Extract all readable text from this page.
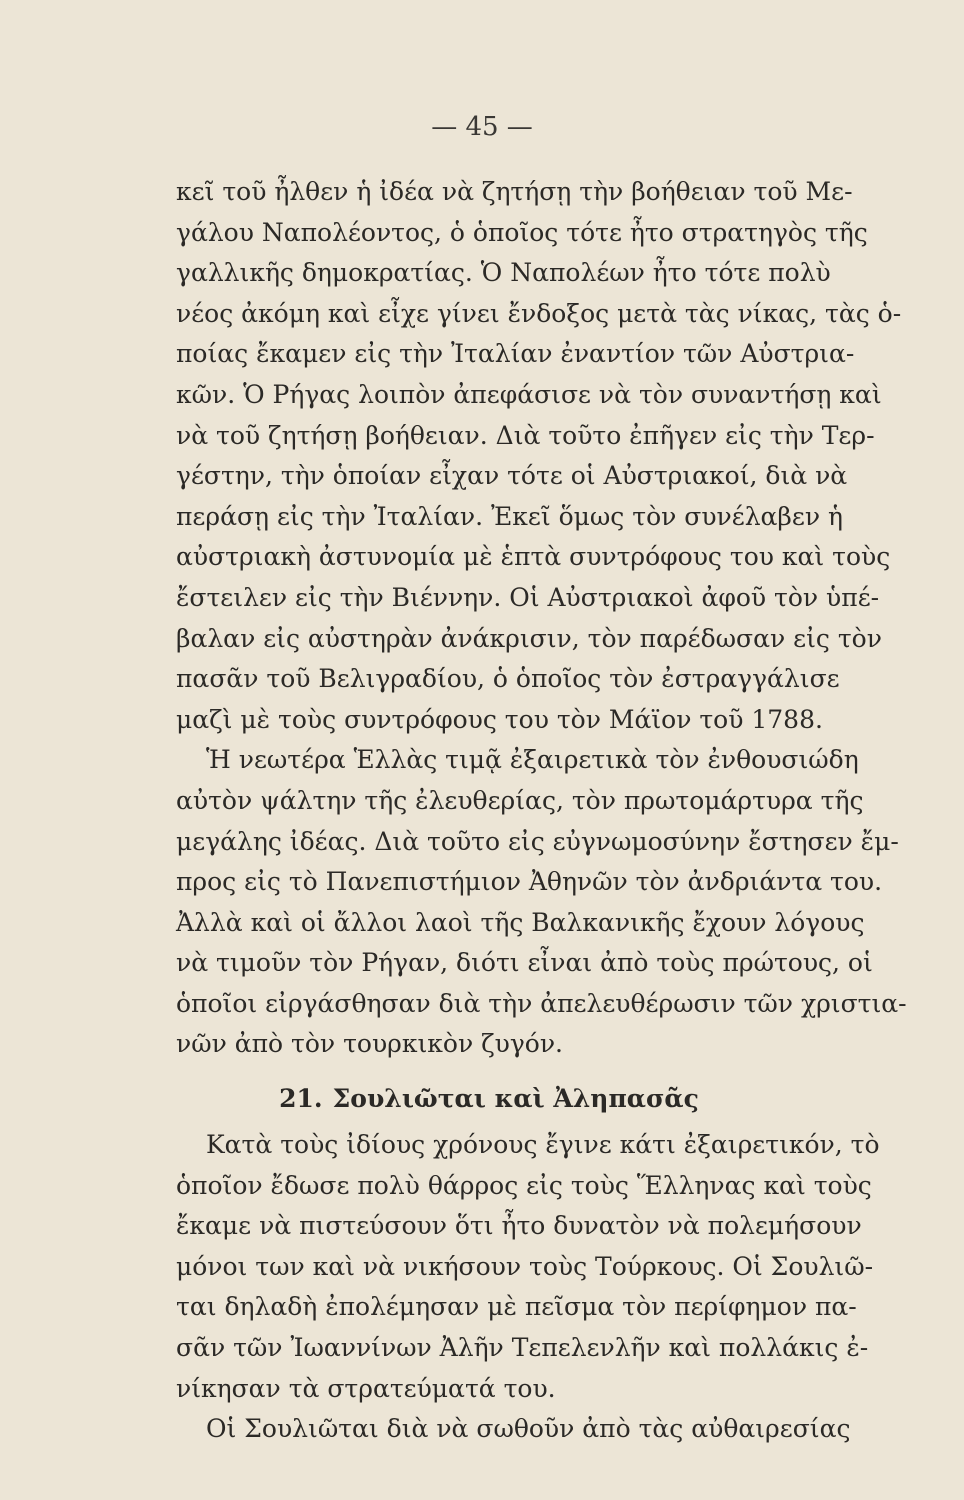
— 45 —
κεῖ τοῦ ἦλθεν ἡ ἰδέα νὰ ζητήσῃ τὴν βοήθειαν τοῦ Με-
γάλου Ναπολέοντος, ὁ ὁποῖος τότε ἦτο στρατηγὸς τῆς
γαλλικῆς δημοκρατίας. Ὁ Ναπολέων ἦτο τότε πολὺ
νέος ἀκόμη καὶ εἶχε γίνει ἔνδοξος μετὰ τὰς νίκας, τὰς ὁ-
ποίας ἔκαμεν εἰς τὴν Ἰταλίαν ἐναντίον τῶν Αὐστρια-
κῶν. Ὁ Ρήγας λοιπὸν ἀπεφάσισε νὰ τὸν συναντήσῃ καὶ
νὰ τοῦ ζητήσῃ βοήθειαν. Διὰ τοῦτο ἐπῆγεν εἰς τὴν Τερ-
γέστην, τὴν ὁποίαν εἶχαν τότε οἱ Αὐστριακοί, διὰ νὰ
περάσῃ εἰς τὴν Ἰταλίαν. Ἐκεῖ ὅμως τὸν συνέλαβεν ἡ
αὐστριακὴ ἀστυνομία μὲ ἑπτὰ συντρόφους του καὶ τοὺς
ἔστειλεν εἰς τὴν Βιέννην. Οἱ Αὐστριακοὶ ἀφοῦ τὸν ὑπέ-
βαλαν εἰς αὐστηρὰν ἀνάκρισιν, τὸν παρέδωσαν εἰς τὸν
πασᾶν τοῦ Βελιγραδίου, ὁ ὁποῖος τὸν ἐστραγγάλισε
μαζὶ μὲ τοὺς συντρόφους του τὸν Μάϊον τοῦ 1788.
Ἡ νεωτέρα Ἑλλὰς τιμᾷ ἐξαιρετικὰ τὸν ἐνθουσιώδη
αὐτὸν ψάλτην τῆς ἐλευθερίας, τὸν πρωτομάρτυρα τῆς
μεγάλης ἰδέας. Διὰ τοῦτο εἰς εὐγνωμοσύνην ἔστησεν ἔμ-
προς εἰς τὸ Πανεπιστήμιον Ἀθηνῶν τὸν ἀνδριάντα του.
Ἀλλὰ καὶ οἱ ἄλλοι λαοὶ τῆς Βαλκανικῆς ἔχουν λόγους
νὰ τιμοῦν τὸν Ρήγαν, διότι εἶναι ἀπὸ τοὺς πρώτους, οἱ
ὁποῖοι εἰργάσθησαν διὰ τὴν ἀπελευθέρωσιν τῶν χριστια-
νῶν ἀπὸ τὸν τουρκικὸν ζυγόν.
21. Σουλιῶται καὶ Ἀληπασᾶς
Κατὰ τοὺς ἰδίους χρόνους ἔγινε κάτι ἐξαιρετικόν, τὸ
ὁποῖον ἔδωσε πολὺ θάρρος εἰς τοὺς Ἕλληνας καὶ τοὺς
ἔκαμε νὰ πιστεύσουν ὅτι ἦτο δυνατὸν νὰ πολεμήσουν
μόνοι των καὶ νὰ νικήσουν τοὺς Τούρκους. Οἱ Σουλιῶ-
ται δηλαδὴ ἐπολέμησαν μὲ πεῖσμα τὸν περίφημον πα-
σᾶν τῶν Ἰωαννίνων Ἀλῆν Τεπελενλῆν καὶ πολλάκις ἐ-
νίκησαν τὰ στρατεύματά του.
Οἱ Σουλιῶται διὰ νὰ σωθοῦν ἀπὸ τὰς αὐθαιρεσίας
